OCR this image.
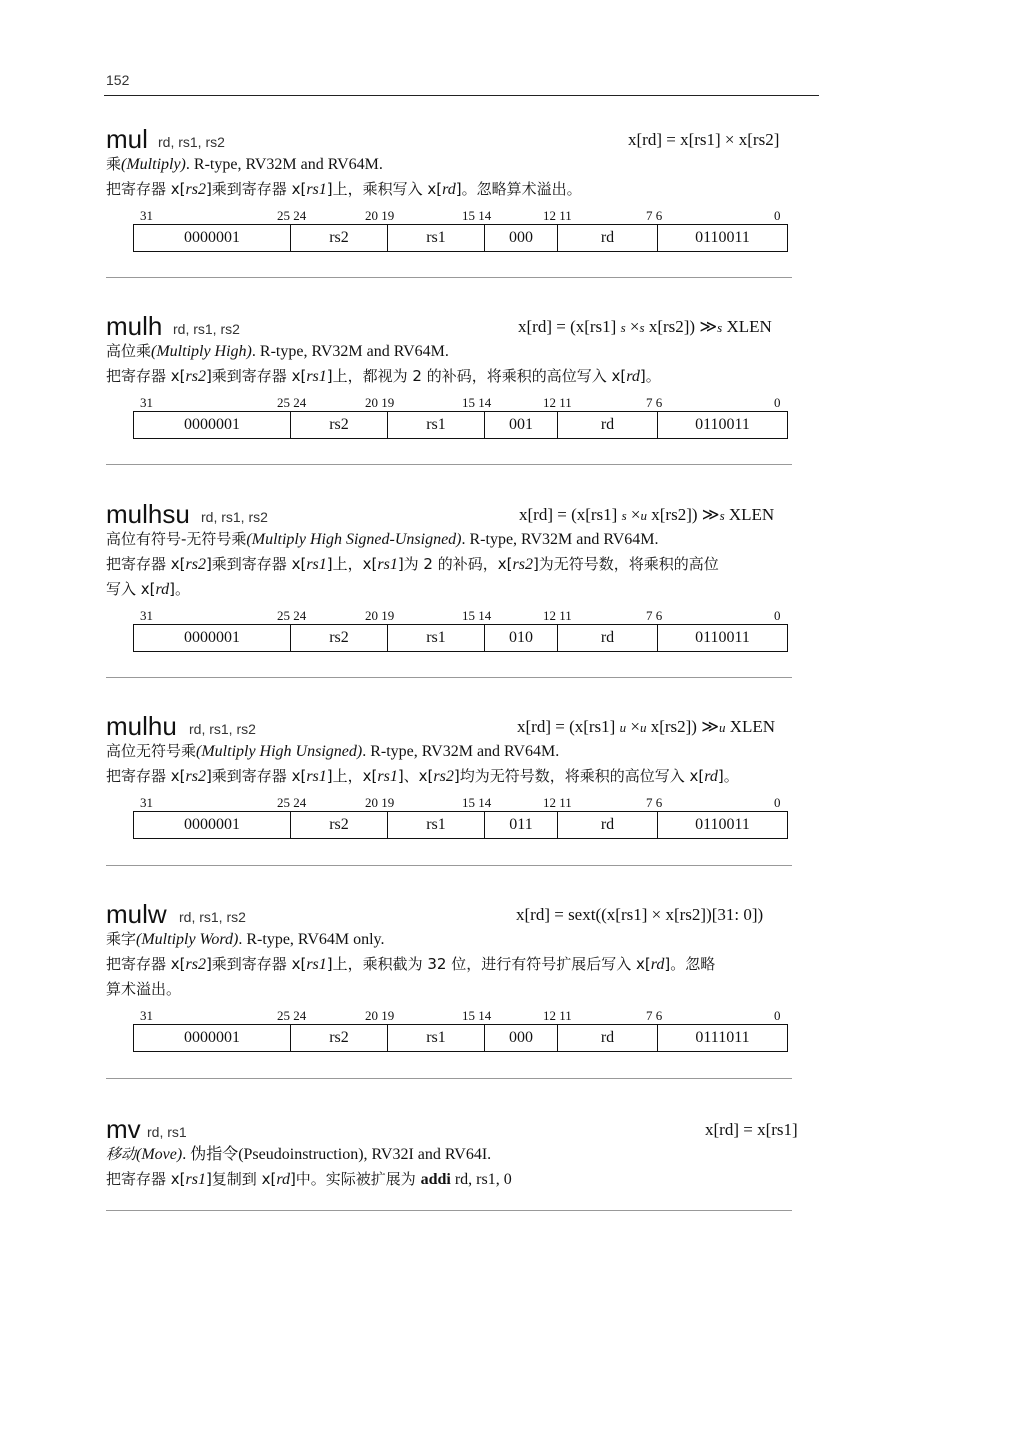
152
mul rd, rs1, rs2	x[rd] = x[rs1] × x[rs2]

乘(Multiply). R-type, RV32M and RV64M.

把寄存器 x[rs2]乘到寄存器 x[rs1]上，乘积写入 x[rd]。忽略算术溢出。

31	25 24	20 19	15 14	12 11	7 6	0
0000001	rs2	rs1	000	rd	0110011
mulh rd, rs1, rs2	x[rd] = (x[rs1] s ×s x[rs2]) ≫s XLEN

高位乘(Multiply High). R-type, RV32M and RV64M.

把寄存器 x[rs2]乘到寄存器 x[rs1]上，都视为 2 的补码，将乘积的高位写入 x[rd]。

31	25 24	20 19	15 14	12 11	7 6	0
0000001	rs2	rs1	001	rd	0110011
mulhsu rd, rs1, rs2	x[rd] = (x[rs1] s ×u x[rs2]) ≫s XLEN

高位有符号-无符号乘(Multiply High Signed-Unsigned). R-type, RV32M and RV64M.

把寄存器 x[rs2]乘到寄存器 x[rs1]上，x[rs1]为 2 的补码，x[rs2]为无符号数，将乘积的高位

写入 x[rd]。

31	25 24	20 19	15 14	12 11	7 6	0
0000001	rs2	rs1	010	rd	0110011
mulhu rd, rs1, rs2	x[rd] = (x[rs1] u ×u x[rs2]) ≫u XLEN

高位无符号乘(Multiply High Unsigned). R-type, RV32M and RV64M.

把寄存器 x[rs2]乘到寄存器 x[rs1]上，x[rs1]、x[rs2]均为无符号数，将乘积的高位写入 x[rd]。

31	25 24	20 19	15 14	12 11	7 6	0
0000001	rs2	rs1	011	rd	0110011
mulw rd, rs1, rs2	x[rd] = sext((x[rs1] × x[rs2])[31: 0])

乘字(Multiply Word). R-type, RV64M only.

把寄存器 x[rs2]乘到寄存器 x[rs1]上，乘积截为 32 位，进行有符号扩展后写入 x[rd]。忽略

算术溢出。

31	25 24	20 19	15 14	12 11	7 6	0
0000001	rs2	rs1	000	rd	0111011
mv rd, rs1	x[rd] = x[rs1]

移动(Move). 伪指令(Pseudoinstruction), RV32I and RV64I.

把寄存器 x[rs1]复制到 x[rd]中。实际被扩展为 addi rd, rs1, 0
